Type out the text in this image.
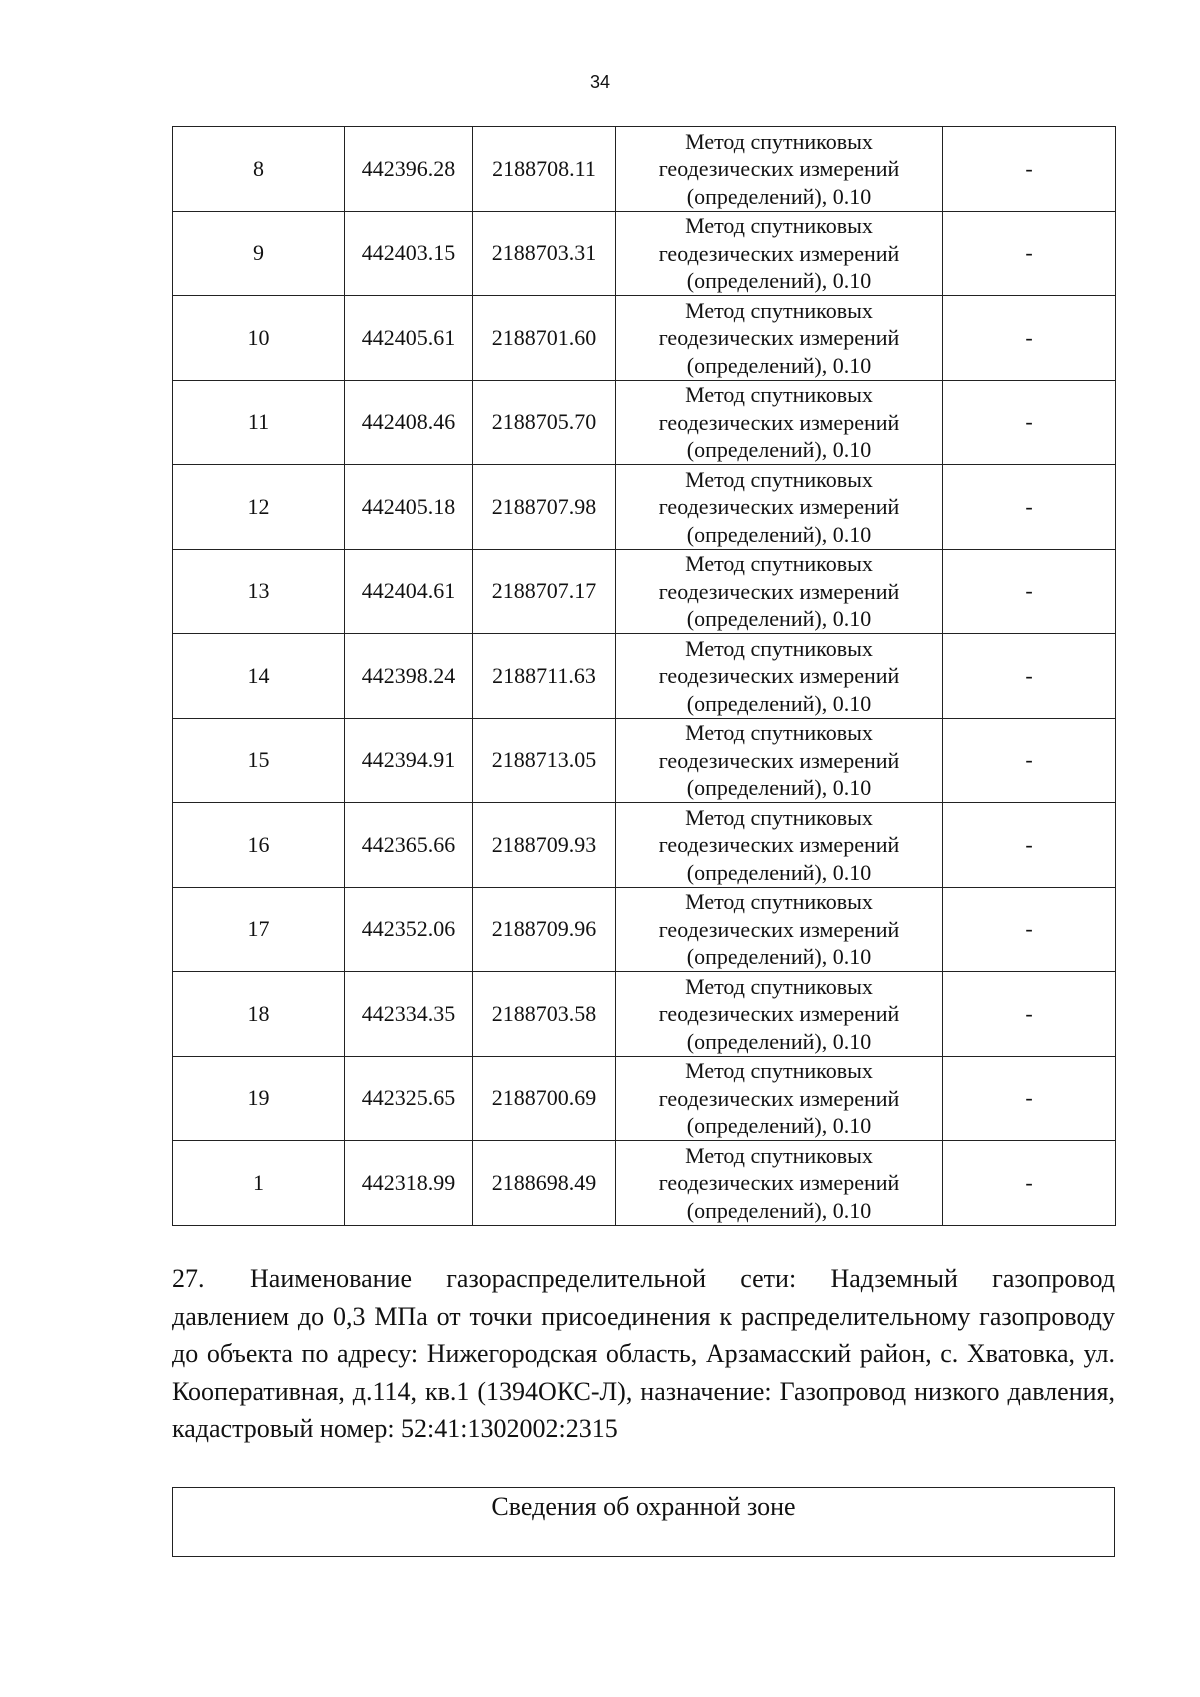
34
8	442396.28	2188708.11	Метод спутниковых
геодезических измерений
(определений), 0.10	-
9	442403.15	2188703.31	Метод спутниковых
геодезических измерений
(определений), 0.10	-
10	442405.61	2188701.60	Метод спутниковых
геодезических измерений
(определений), 0.10	-
11	442408.46	2188705.70	Метод спутниковых
геодезических измерений
(определений), 0.10	-
12	442405.18	2188707.98	Метод спутниковых
геодезических измерений
(определений), 0.10	-
13	442404.61	2188707.17	Метод спутниковых
геодезических измерений
(определений), 0.10	-
14	442398.24	2188711.63	Метод спутниковых
геодезических измерений
(определений), 0.10	-
15	442394.91	2188713.05	Метод спутниковых
геодезических измерений
(определений), 0.10	-
16	442365.66	2188709.93	Метод спутниковых
геодезических измерений
(определений), 0.10	-
17	442352.06	2188709.96	Метод спутниковых
геодезических измерений
(определений), 0.10	-
18	442334.35	2188703.58	Метод спутниковых
геодезических измерений
(определений), 0.10	-
19	442325.65	2188700.69	Метод спутниковых
геодезических измерений
(определений), 0.10	-
1	442318.99	2188698.49	Метод спутниковых
геодезических измерений
(определений), 0.10	-

27. Наименование газораспределительной сети: Надземный газопровод давлением до 0,3 МПа от точки присоединения к распределительному газопроводу до объекта по адресу: Нижегородская область, Арзамасский район, с. Хватовка, ул. Кооперативная, д.114, кв.1 (1394ОКС-Л), назначение: Газопровод низкого давления, кадастровый номер: 52:41:1302002:2315

Сведения об охранной зоне
